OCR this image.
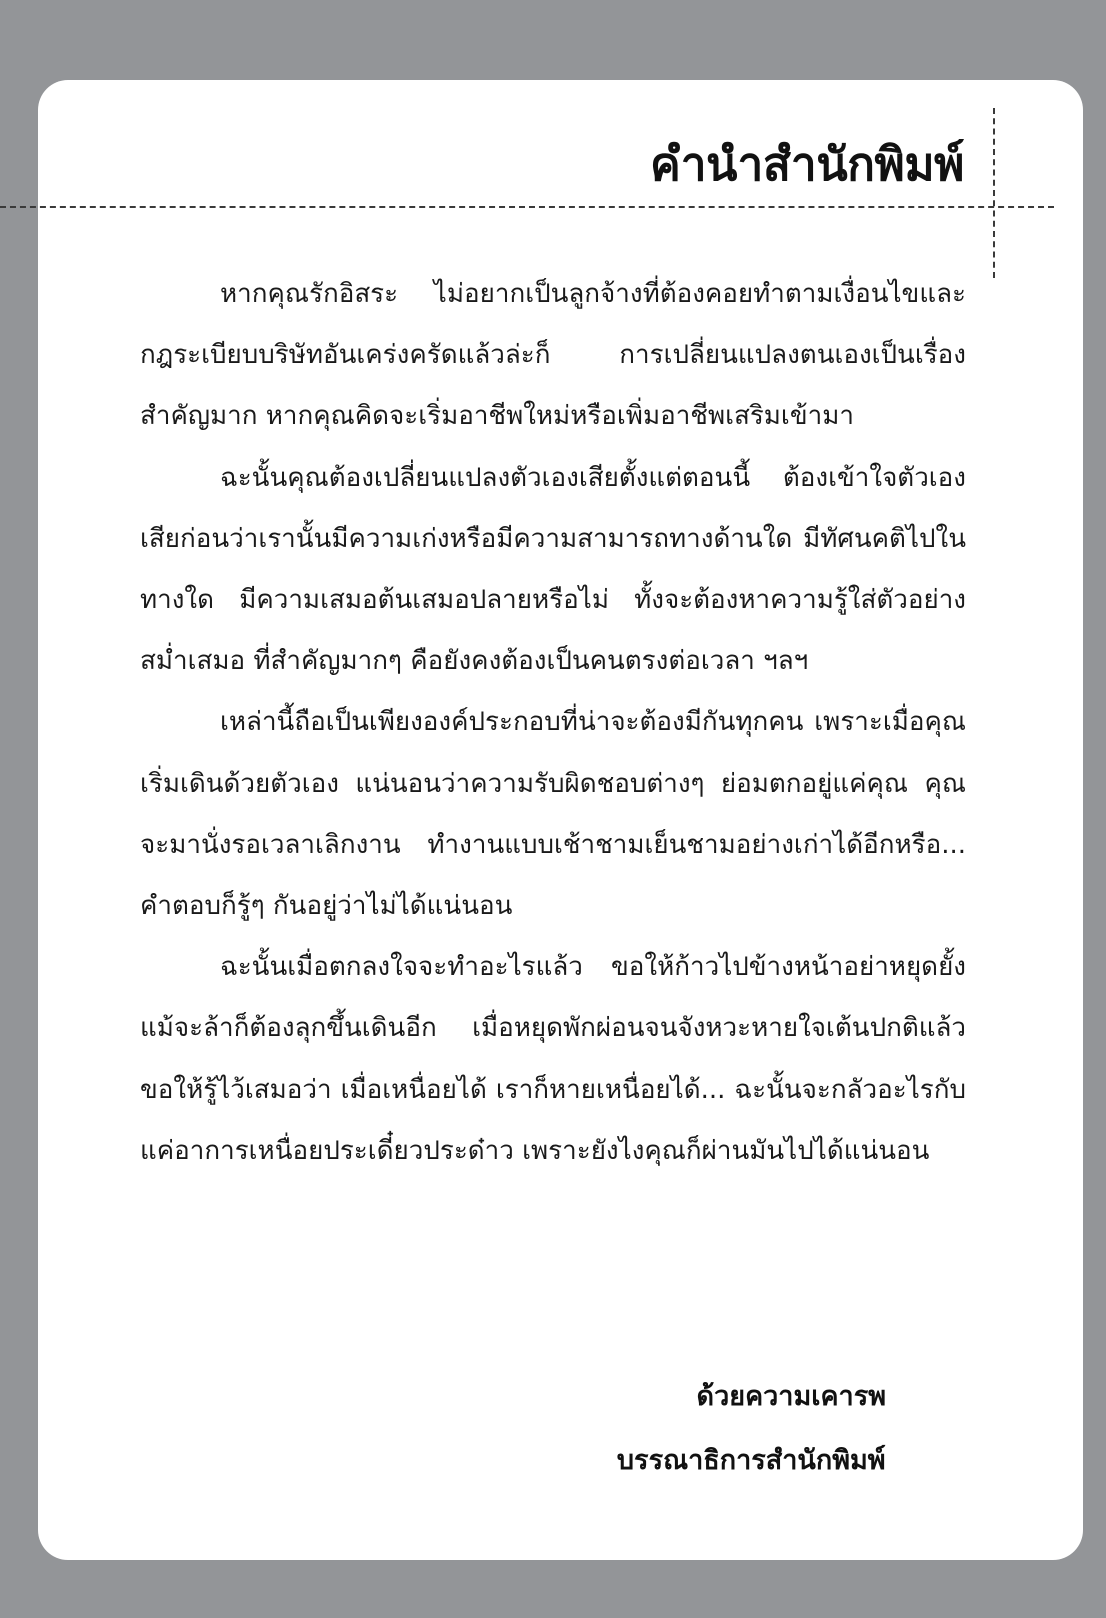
คำนำสำนักพิมพ์

หากคุณรักอิสระ ไม่อยากเป็นลูกจ้างที่ต้องคอยทำตามเงื่อนไขและกฎระเบียบบริษัทอันเคร่งครัดแล้วล่ะก็ การเปลี่ยนแปลงตนเองเป็นเรื่องสำคัญมาก หากคุณคิดจะเริ่มอาชีพใหม่หรือเพิ่มอาชีพเสริมเข้ามา

ฉะนั้นคุณต้องเปลี่ยนแปลงตัวเองเสียตั้งแต่ตอนนี้ ต้องเข้าใจตัวเองเสียก่อนว่าเรานั้นมีความเก่งหรือมีความสามารถทางด้านใด มีทัศนคติไปในทางใด มีความเสมอต้นเสมอปลายหรือไม่ ทั้งจะต้องหาความรู้ใส่ตัวอย่างสม่ำเสมอ ที่สำคัญมากๆ คือยังคงต้องเป็นคนตรงต่อเวลา ฯลฯ

เหล่านี้ถือเป็นเพียงองค์ประกอบที่น่าจะต้องมีกันทุกคน เพราะเมื่อคุณเริ่มเดินด้วยตัวเอง แน่นอนว่าความรับผิดชอบต่างๆ ย่อมตกอยู่แค่คุณ คุณจะมานั่งรอเวลาเลิกงาน ทำงานแบบเช้าชามเย็นชามอย่างเก่าได้อีกหรือ... คำตอบก็รู้ๆ กันอยู่ว่าไม่ได้แน่นอน

ฉะนั้นเมื่อตกลงใจจะทำอะไรแล้ว ขอให้ก้าวไปข้างหน้าอย่าหยุดยั้ง แม้จะล้าก็ต้องลุกขึ้นเดินอีก เมื่อหยุดพักผ่อนจนจังหวะหายใจเต้นปกติแล้ว ขอให้รู้ไว้เสมอว่า เมื่อเหนื่อยได้ เราก็หายเหนื่อยได้... ฉะนั้นจะกลัวอะไรกับแค่อาการเหนื่อยประเดี๋ยวประด๋าว เพราะยังไงคุณก็ผ่านมันไปได้แน่นอน

ด้วยความเคารพ
บรรณาธิการสำนักพิมพ์
